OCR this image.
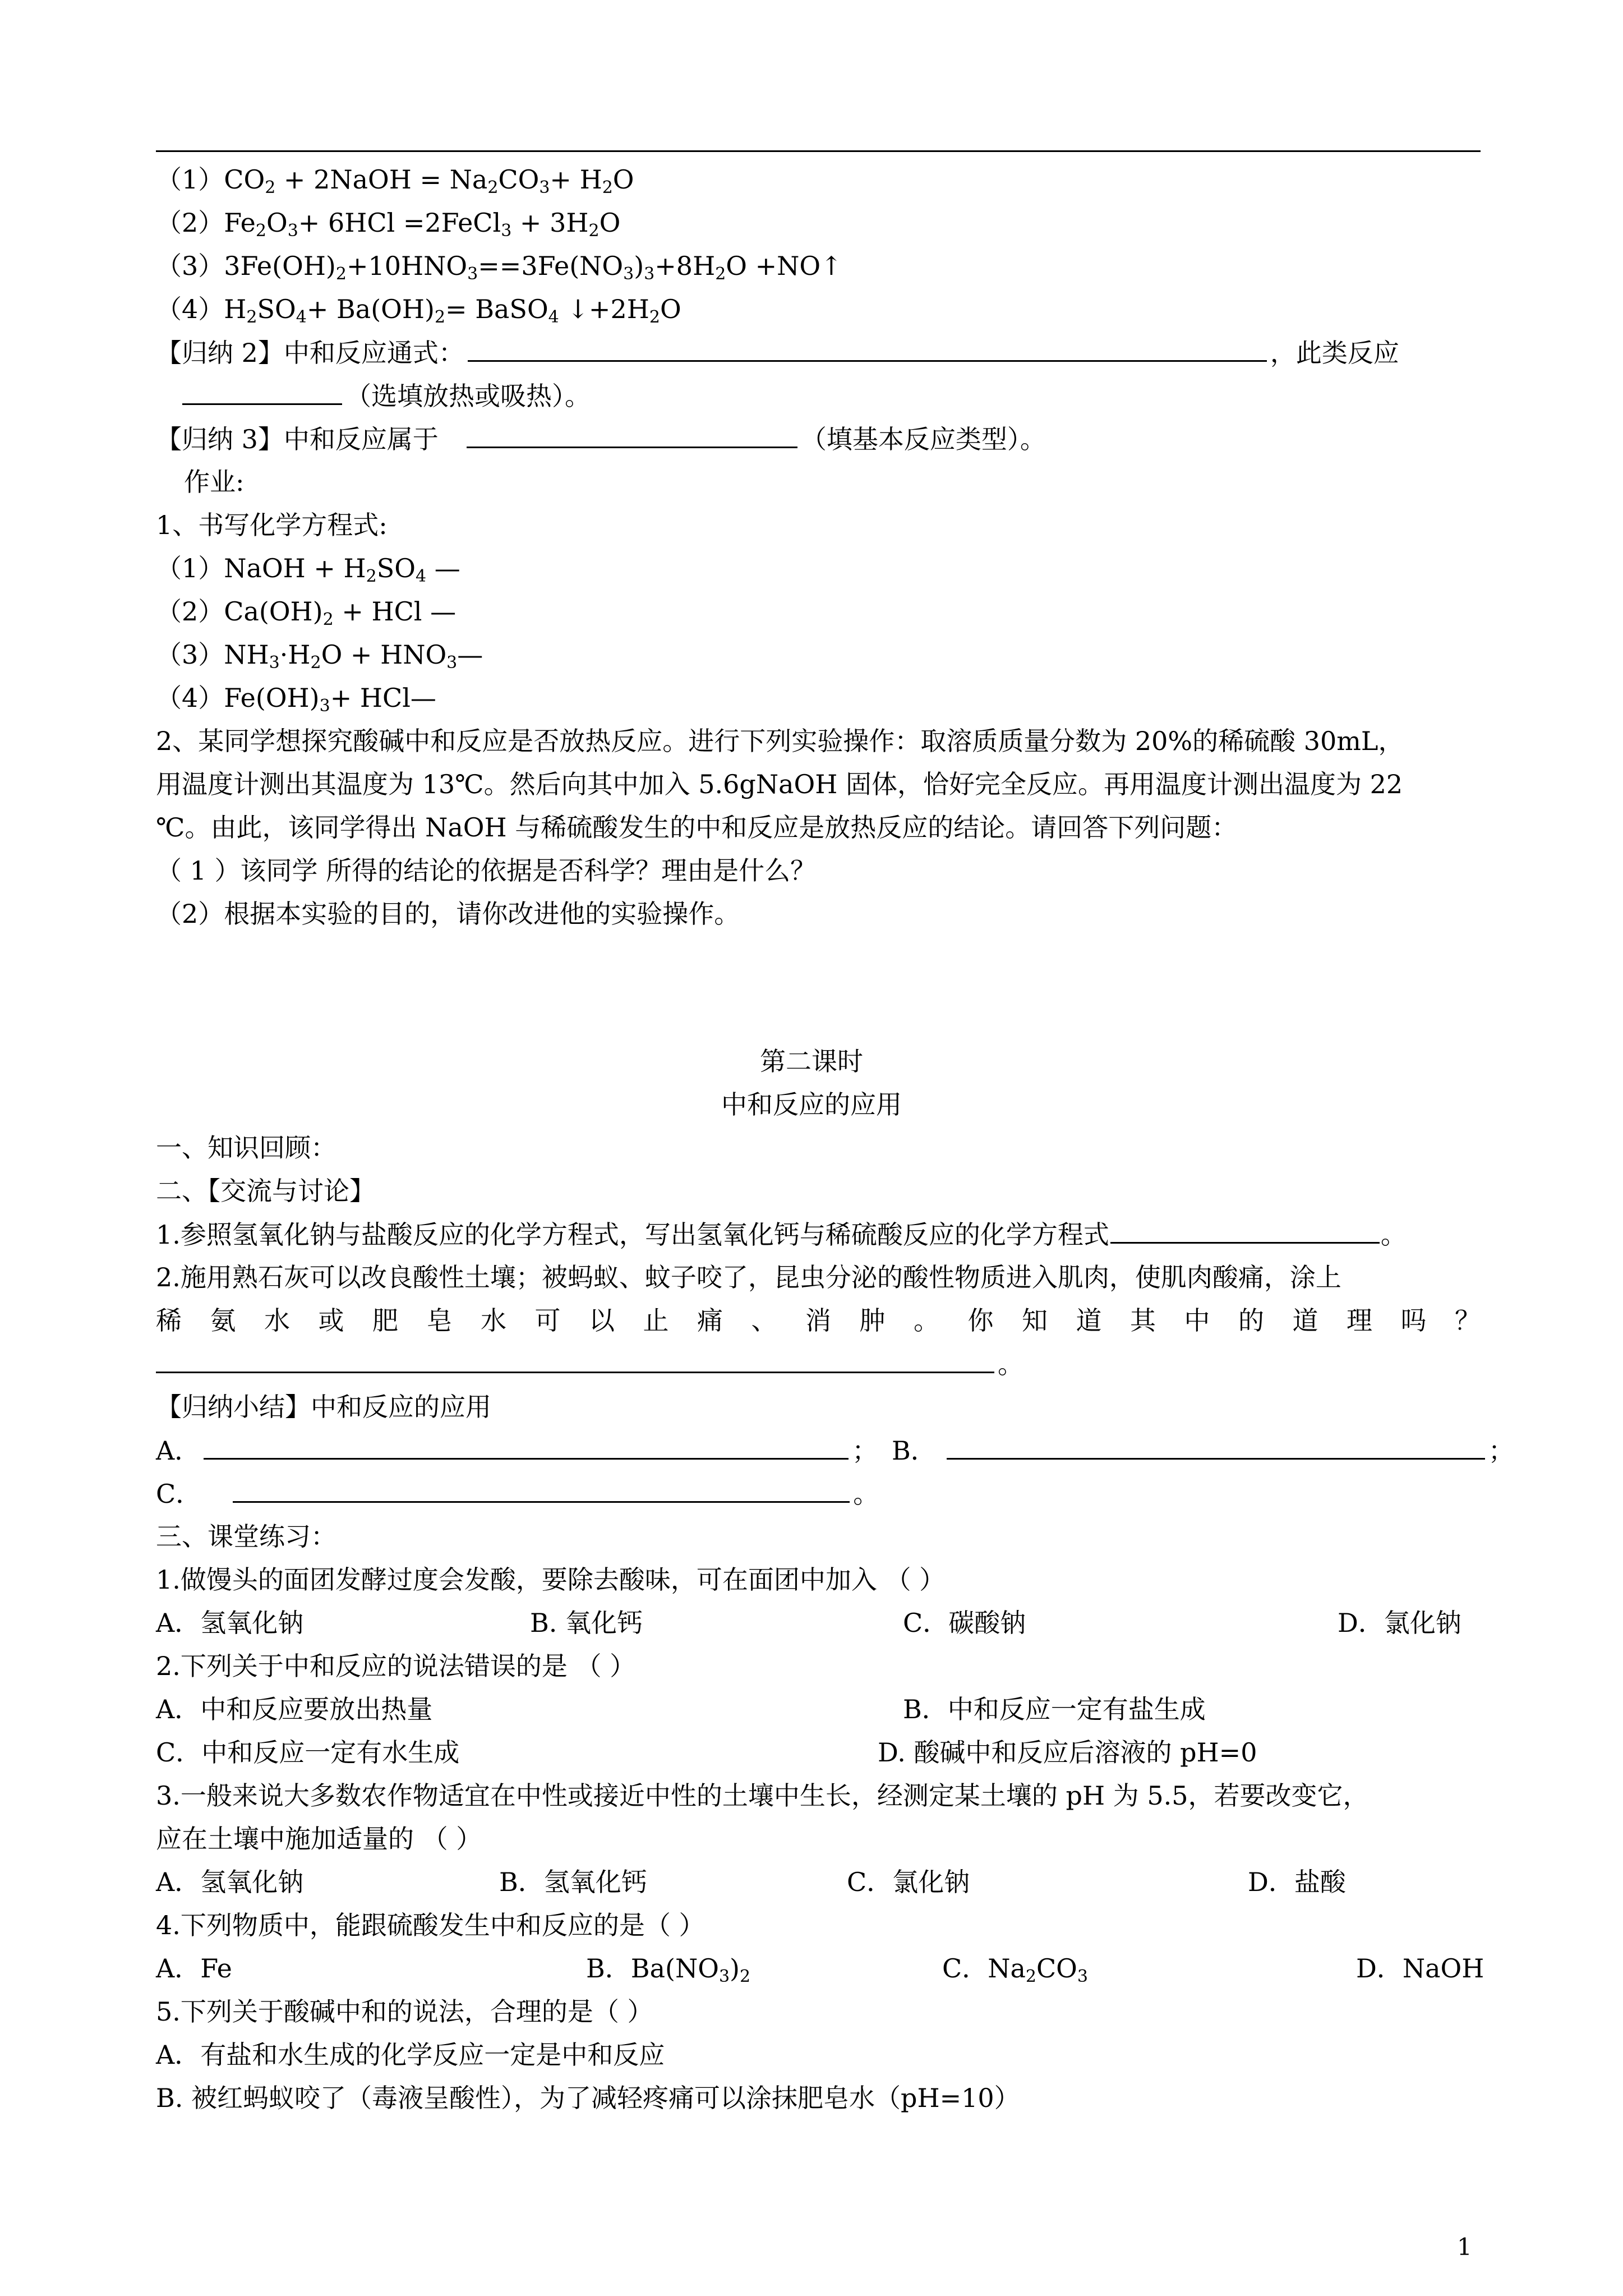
$(1)CO_2$ + 2NaOH = $Na_2CO_3+ H_2O$
$(2)Fe_2O_3+ 6HCl$ =2FeCl$_3$ + $3H_2O$
$(3)3Fe(OH)_2+10HNO_3==3Fe(NO_3)_3+8H_2O$ +NO↑
$(4)H_2SO_4+ Ba(OH)_2=$ BaSO$_4$ $↓+2H_2O$
【归纳 2】中和反应通式：	，此类反应
（选填放热或吸热）。
【归纳 3】中和反应属于	（填基本反应类型）。
作业:
1、书写化学方程式:
（1）NaOH + $H_2SO_4$ —
$(2)Ca(OH)_2$ + HCl —
$(3)NH_3\cdot H_2O$ + $HNO_3—$
$(4)Fe(OH)_3+$ HCl—
2、某同学想探究酸碱中和反应是否放热反应。进行下列实验操作：取溶质质量分数为 20%的稀硫酸 30mL，
用温度计测出其温度为 13℃。然后向其中加入 5.6gNaOH 固体，恰好完全反应。再用温度计测出温度为 22
℃。由此，该同学得出 NaOH 与稀硫酸发生的中和反应是放热反应的结论。请回答下列问题：
（ 1 ）该同学 所得的结论的依据是否科学？理由是什么？
（2）根据本实验的目的，请你改进他的实验操作。
第二课时
中和反应的应用
一、知识回顾：
二、【交流与讨论】
1.参照氢氧化钠与盐酸反应的化学方程式，写出氢氧化钙与稀硫酸反应的化学方程式	。
2.施用熟石灰可以改良酸性土壤；被蚂蚁、蚊子咬了，昆虫分泌的酸性物质进入肌肉，使肌肉酸痛，涂上
稀 氨 水 或 肥 皂 水 可 以 止 痛 、 消 肿 。 你 知 道 其 中 的 道 理 吗 ？
。
【归纳小结】中和反应的应用
A．	； B．	；
C．	。
三、课堂练习：
1.做馒头的面团发酵过度会发酸，要除去酸味，可在面团中加入 （ ）
A．氢氧化钠	B. 氧化钙	C．碳酸钠	D．氯化钠
2.下列关于中和反应的说法错误的是 （ ）
A．中和反应要放出热量	B．中和反应一定有盐生成
C．中和反应一定有水生成	D. 酸碱中和反应后溶液的 pH=0
3.一般来说大多数农作物适宜在中性或接近中性的土壤中生长，经测定某土壤的 pH 为 5.5，若要改变它，
应在土壤中施加适量的 （ ）
A．氢氧化钠	B．氢氧化钙	C．氯化钠	D．盐酸
4.下列物质中，能跟硫酸发生中和反应的是（ ）
A．Fe	B．$Ba(NO_3)_2$	C．$Na_2CO_3$	D．NaOH
5.下列关于酸碱中和的说法，合理的是（ ）
A．有盐和水生成的化学反应一定是中和反应
B. 被红蚂蚁咬了（毒液呈酸性），为了减轻疼痛可以涂抹肥皂水（pH=10）
1
